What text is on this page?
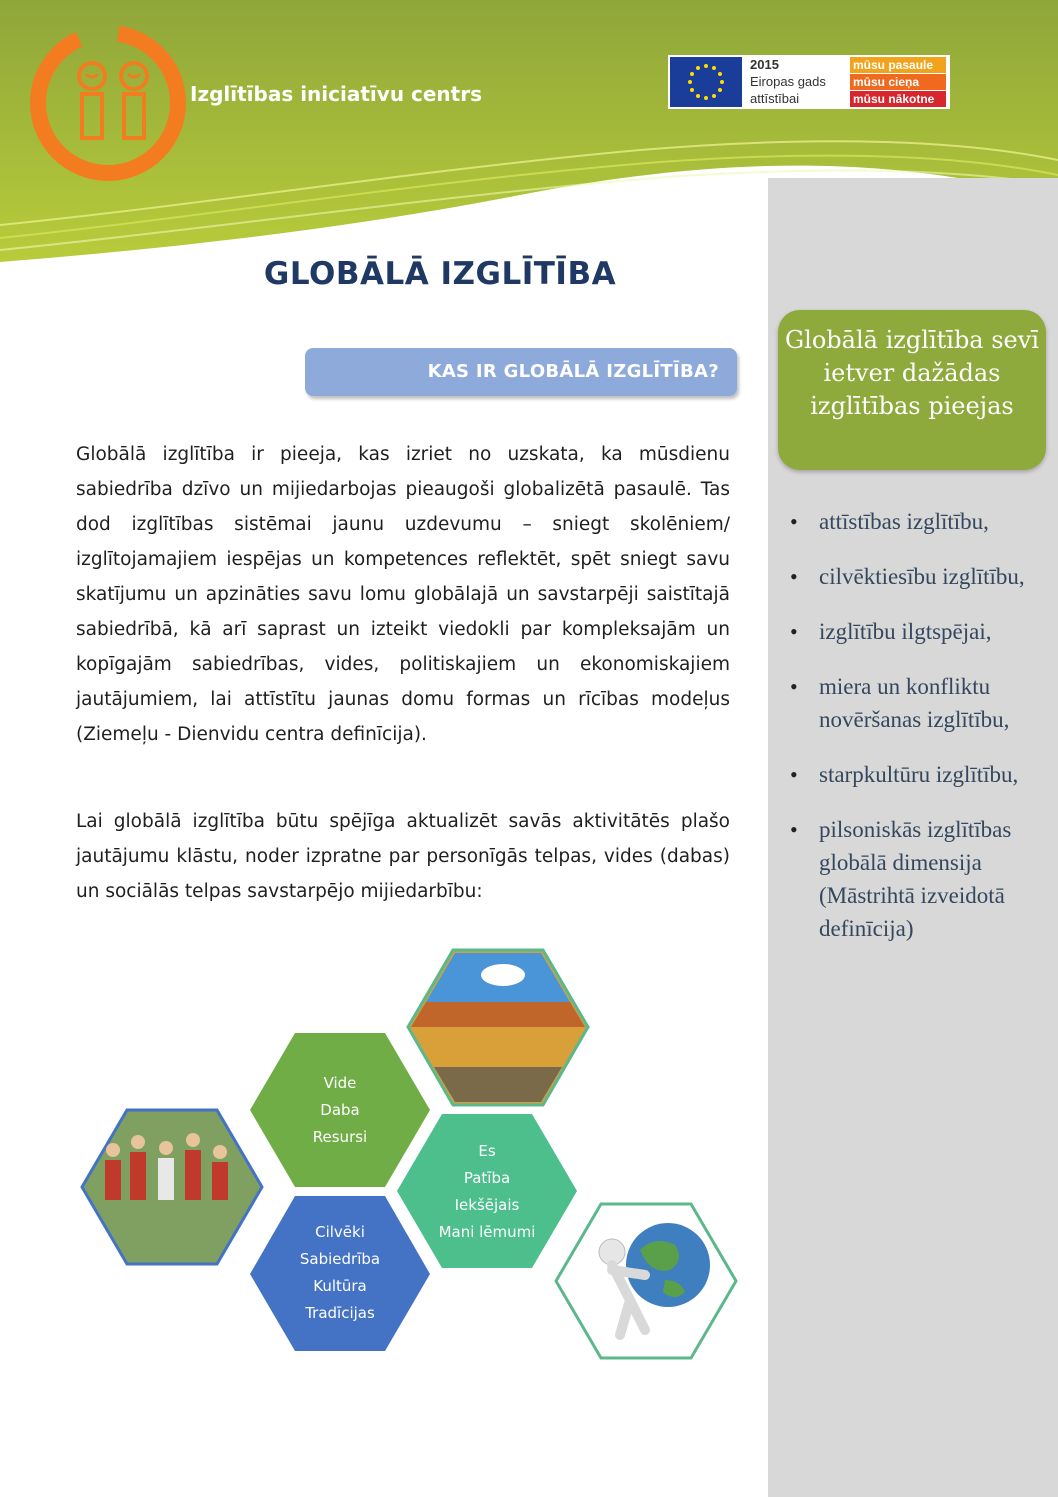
Izglītības iniciatīvu centrs
2015
Eiropas gads
attīstībai
mūsu pasaule
mūsu cieņa
mūsu nākotne
GLOBĀLĀ IZGLĪTĪBA
KAS IR GLOBĀLĀ IZGLĪTĪBA?
Globālā izglītība ir pieeja, kas izriet no uzskata, ka mūsdienu sabiedrība dzīvo un mijiedarbojas pieaugoši globalizētā pasaulē. Tas dod izglītības sistēmai jaunu uzdevumu – sniegt skolēniem/ izglītojamajiem iespējas un kompetences reflektēt, spēt sniegt savu skatījumu un apzināties savu lomu globālajā un savstarpēji saistītajā sabiedrībā, kā arī saprast un izteikt viedokli par kompleksajām un kopīgajām sabiedrības, vides, politiskajiem un ekonomiskajiem jautājumiem, lai attīstītu jaunas domu formas un rīcības modeļus (Ziemeļu - Dienvidu centra definīcija).
Lai globālā izglītība būtu spējīga aktualizēt savās aktivitātēs plašo jautājumu klāstu, noder izpratne par personīgās telpas, vides (dabas) un sociālās telpas savstarpējo mijiedarbību:
Globālā izglītība sevī ietver dažādas izglītības pieejas
• attīstības izglītību,
• cilvēktiesību izglītību,
• izglītību ilgtspējai,
• miera un konfliktu novēršanas izglītību,
• starpkultūru izglītību,
• pilsoniskās izglītības globālā dimensija (Māstrihtā izveidotā definīcija)
Vide
Daba
Resursi
Es
Patība
Iekšējais
Mani lēmumi
Cilvēki
Sabiedrība
Kultūra
Tradīcijas
